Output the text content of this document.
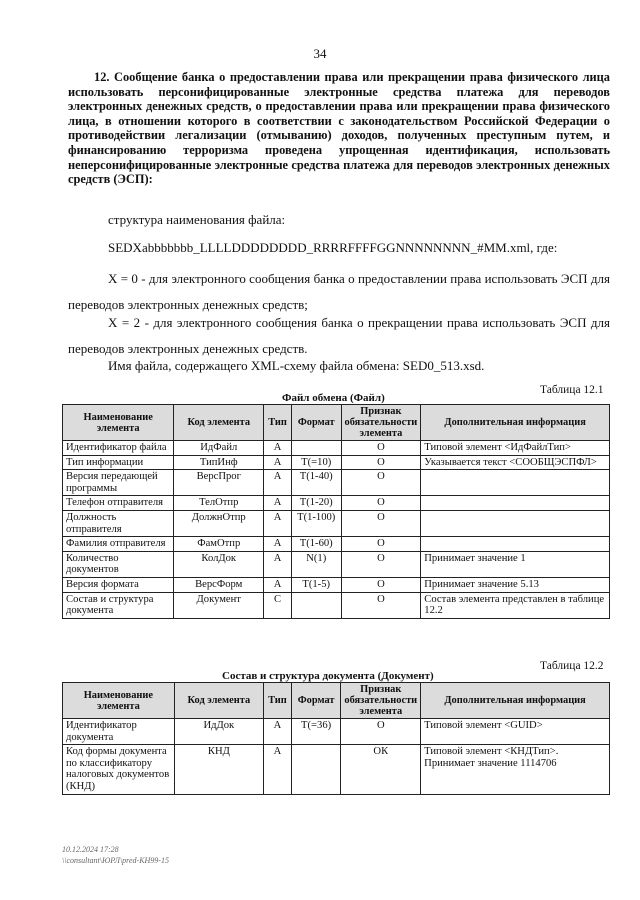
34
12. Сообщение банка о предоставлении права или прекращении права физического лица использовать персонифицированные электронные средства платежа для переводов электронных денежных средств, о предоставлении права или прекращении права физического лица, в отношении которого в соответствии с законодательством Российской Федерации о противодействии легализации (отмыванию) доходов, полученных преступным путем, и финансированию терроризма проведена упрощенная идентификация, использовать неперсонифицированные электронные средства платежа для переводов электронных денежных средств (ЭСП):
структура наименования файла:
SEDXabbbbbbb_LLLLDDDDDDDD_RRRRFFFFGGNNNNNNNN_#MM.xml, где:
X = 0 - для электронного сообщения банка о предоставлении права использовать ЭСП для переводов электронных денежных средств;
X = 2 - для электронного сообщения банка о прекращении права использовать ЭСП для переводов электронных денежных средств.
Имя файла, содержащего XML-схему файла обмена: SED0_513.xsd.
Таблица 12.1
Файл обмена (Файл)
Наименование элемента	Код элемента	Тип	Формат	Признак обязательности элемента	Дополнительная информация
Идентификатор файла	ИдФайл	А		О	Типовой элемент <ИдФайлТип>
Тип информации	ТипИнф	А	Т(=10)	О	Указывается текст <СООБЩЭСПФЛ>
Версия передающей программы	ВерсПрог	А	Т(1-40)	О	
Телефон отправителя	ТелОтпр	А	Т(1-20)	О	
Должность отправителя	ДолжнОтпр	А	Т(1-100)	О	
Фамилия отправителя	ФамОтпр	А	Т(1-60)	О	
Количество документов	КолДок	А	N(1)	О	Принимает значение 1
Версия формата	ВерсФорм	А	Т(1-5)	О	Принимает значение 5.13
Состав и структура документа	Документ	С		О	Состав элемента представлен в таблице 12.2
Таблица 12.2
Состав и структура документа (Документ)
Наименование элемента	Код элемента	Тип	Формат	Признак обязательности элемента	Дополнительная информация
Идентификатор документа	ИдДок	А	Т(=36)	О	Типовой элемент <GUID>
Код формы документа по классификатору налоговых документов (КНД)	КНД	А		ОК	Типовой элемент <КНДТип>. Принимает значение 1114706
10.12.2024 17:28
\\consultant\ЮРЛ\pred-КН99-15
